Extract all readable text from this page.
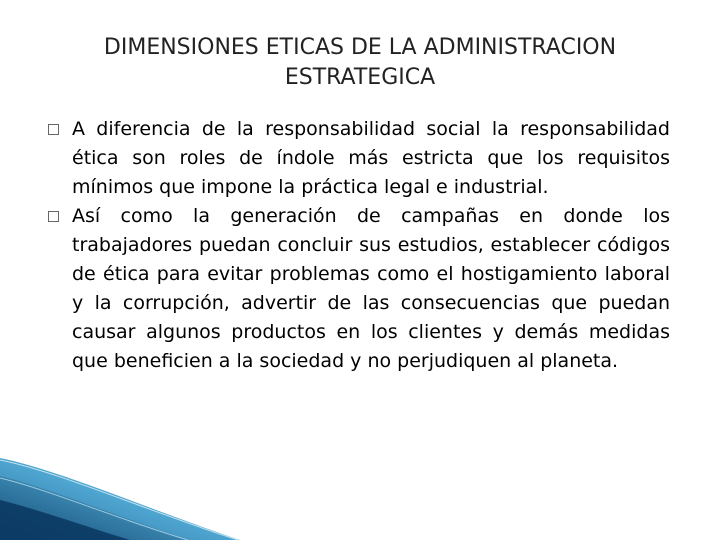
DIMENSIONES ETICAS DE LA ADMINISTRACION
ESTRATEGICA

A diferencia de la responsabilidad social la responsabilidad ética son roles de índole más estricta que los requisitos mínimos que impone la práctica legal e industrial.

Así como la generación de campañas en donde los trabajadores puedan concluir sus estudios, establecer códigos de ética para evitar problemas como el hostigamiento laboral y la corrupción, advertir de las consecuencias que puedan causar algunos productos en los clientes y demás medidas que beneficien a la sociedad y no perjudiquen al planeta.
